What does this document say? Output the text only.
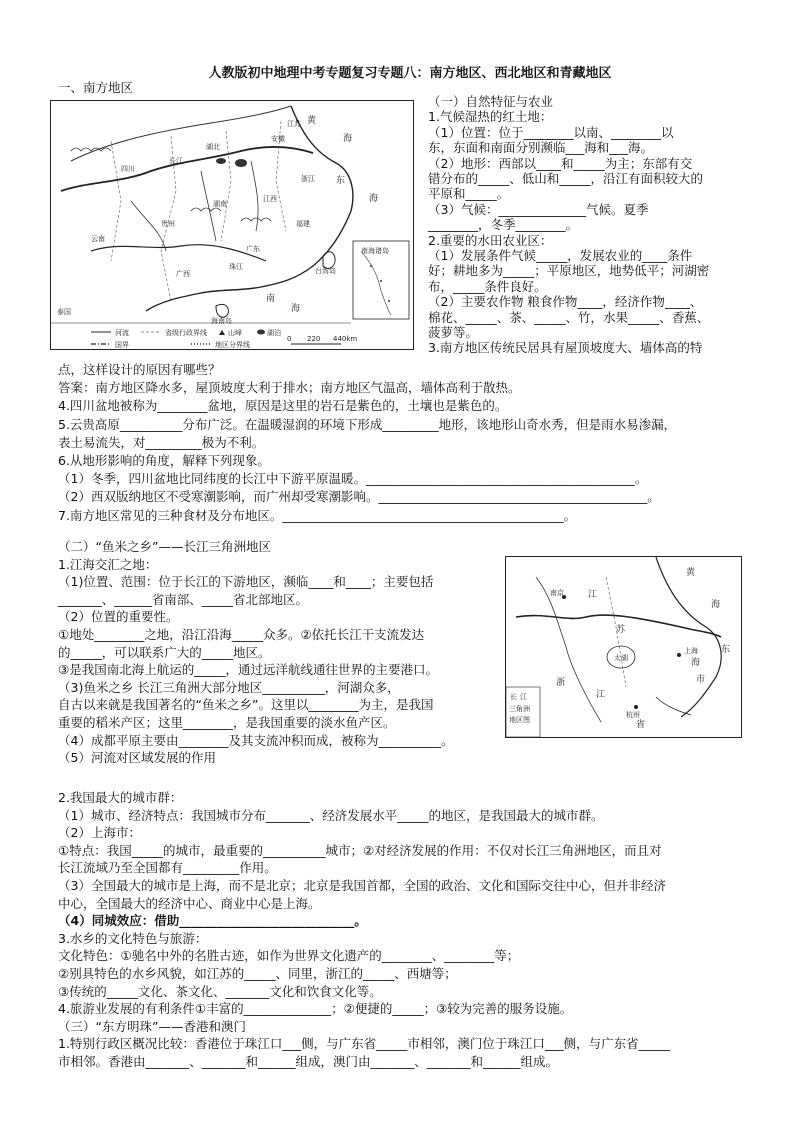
人教版初中地理中考专题复习专题八：南方地区、西北地区和青藏地区
一、南方地区
黄
海
东
海
南
海
台湾岛
南海诸岛
海南岛
广东
福建
浙江
江西
湖南
湖北
四川
贵州
云南
广西
长江
珠江
安徽
江苏
泰国
河流	省级行政界线	山峰	湖泊
国界	地区分界线
0 220 440km
（一）自然特征与农业
1.气候湿热的红土地：
（1）位置：位于________以南、________以
东，东面和南面分别濒临___海和___海。
（2）地形：西部以____和_____为主；东部有交
错分布的_____、低山和_____，沿江有面积较大的
平原和_____。
（3）气候：______________气候。夏季
________，冬季________。
2.重要的水田农业区：
（1）发展条件气候_____，发展农业的____条件
好；耕地多为_____；平原地区，地势低平；河湖密
布，_____条件良好。
（2）主要农作物 粮食作物____，经济作物____、
棉花、_____、茶、_____、竹，水果_____、香蕉、
菠萝等。
3.南方地区传统民居具有屋顶坡度大、墙体高的特
点，这样设计的原因有哪些？
答案：南方地区降水多，屋顶坡度大利于排水；南方地区气温高，墙体高利于散热。
4.四川盆地被称为________盆地，原因是这里的岩石是紫色的，土壤也是紫色的。
5.云贵高原__________分布广泛。在温暖湿润的环境下形成_________地形，该地形山奇水秀，但是雨水易渗漏，
表土易流失，对_________极为不利。
6.从地形影响的角度，解释下列现象。
（1）冬季，四川盆地比同纬度的长江中下游平原温暖。___________________________________________。
（2）西双版纳地区不受寒潮影响，而广州却受寒潮影响。___________________________________________。
7.南方地区常见的三种食材及分布地区。_____________________________________________。
黄
江
苏
海
浙
江
省
海
市
东
长 江
三角洲
地区图
太湖
南京
上海
杭州
（二）“鱼米之乡”——长江三角洲地区
1.江海交汇之地：
（1)位置、范围：位于长江的下游地区，濒临____和____；主要包括
_______、______省南部、_____省北部地区。
（2）位置的重要性。
①地处________之地，沿江沿海_____众多。②依托长江干支流发达
的_____，可以联系广大的_____地区。
③是我国南北海上航运的_____，通过远洋航线通往世界的主要港口。
（3)鱼米之乡 长江三角洲大部分地区__________，河湖众多，
自古以来就是我国著名的“鱼米之乡”。这里以________为主，是我国
重要的稻米产区；这里________，是我国重要的淡水鱼产区。
（4）成都平原主要由________及其支流冲积而成，被称为__________。
（5）河流对区域发展的作用
2.我国最大的城市群：
（1）城市、经济特点：我国城市分布_______、经济发展水平_____的地区，是我国最大的城市群。
（2）上海市：
①特点：我国_____的城市，最重要的__________城市；②对经济发展的作用：不仅对长江三角洲地区，而且对
长江流域乃至全国都有_________作用。
（3）全国最大的城市是上海，而不是北京；北京是我国首都，全国的政治、文化和国际交往中心，但并非经济
中心，全国最大的经济中心、商业中心是上海。
（4）同城效应：借助____________________________。
3.水乡的文化特色与旅游：
文化特色：①驰名中外的名胜古迹，如作为世界文化遗产的________、________等；
②别具特色的水乡风貌，如江苏的_____、同里，浙江的_____、西塘等；
③传统的_____文化、茶文化、_______文化和饮食文化等。
4.旅游业发展的有利条件①丰富的______________；②便捷的_____；③较为完善的服务设施。
（三）“东方明珠”——香港和澳门
1.特别行政区概况比较：香港位于珠江口___侧，与广东省_____市相邻，澳门位于珠江口___侧，与广东省_____
市相邻。香港由_______、_______和______组成，澳门由_______、_______和______组成。
